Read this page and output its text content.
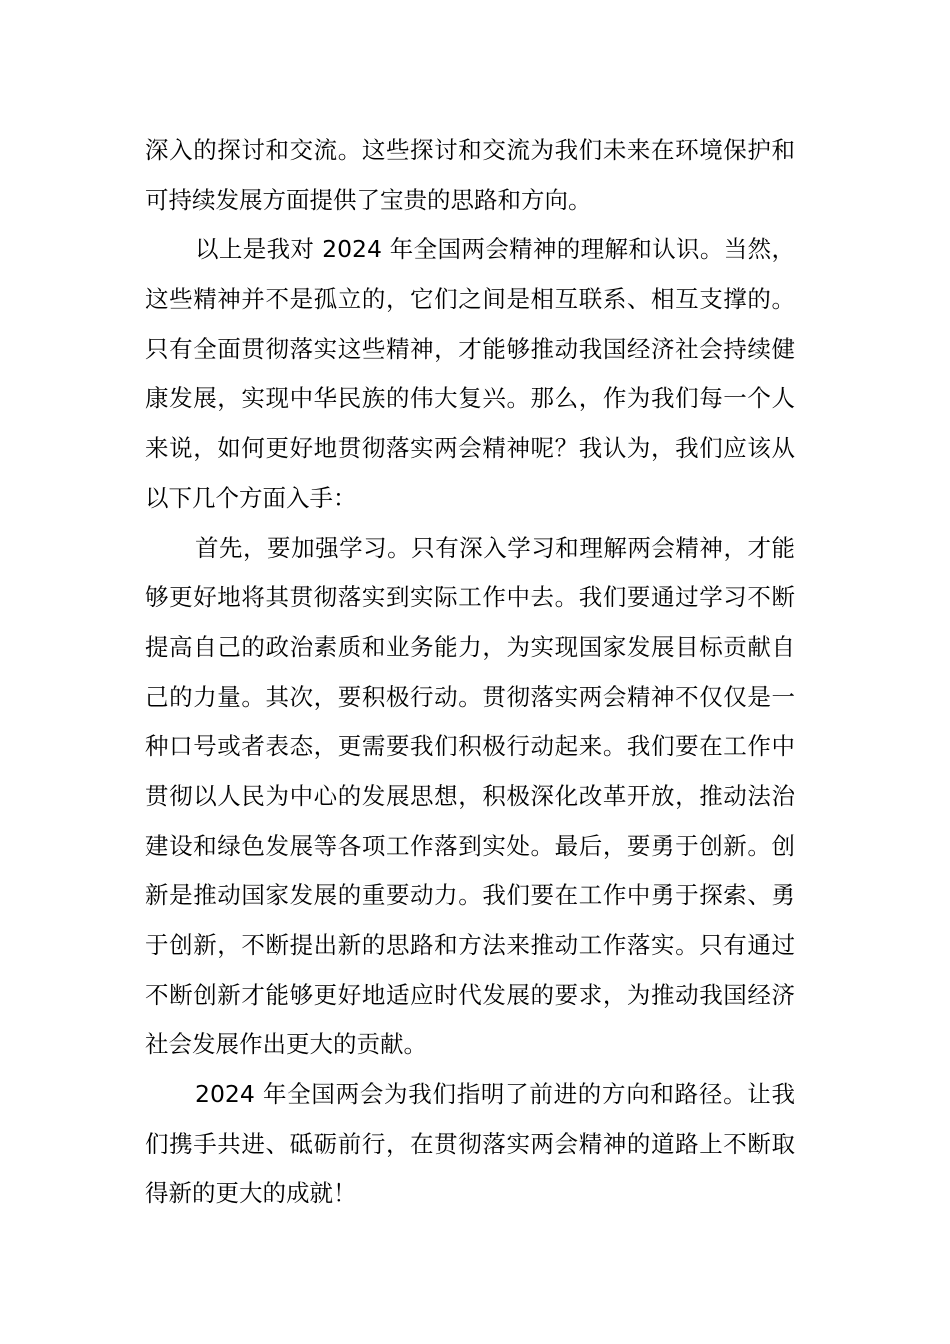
深入的探讨和交流。这些探讨和交流为我们未来在环境保护和
可持续发展方面提供了宝贵的思路和方向。
以上是我对 2024 年全国两会精神的理解和认识。当然，
这些精神并不是孤立的，它们之间是相互联系、相互支撑的。
只有全面贯彻落实这些精神，才能够推动我国经济社会持续健
康发展，实现中华民族的伟大复兴。那么，作为我们每一个人
来说，如何更好地贯彻落实两会精神呢？我认为，我们应该从
以下几个方面入手：
首先，要加强学习。只有深入学习和理解两会精神，才能
够更好地将其贯彻落实到实际工作中去。我们要通过学习不断
提高自己的政治素质和业务能力，为实现国家发展目标贡献自
己的力量。其次，要积极行动。贯彻落实两会精神不仅仅是一
种口号或者表态，更需要我们积极行动起来。我们要在工作中
贯彻以人民为中心的发展思想，积极深化改革开放，推动法治
建设和绿色发展等各项工作落到实处。最后，要勇于创新。创
新是推动国家发展的重要动力。我们要在工作中勇于探索、勇
于创新，不断提出新的思路和方法来推动工作落实。只有通过
不断创新才能够更好地适应时代发展的要求，为推动我国经济
社会发展作出更大的贡献。
2024 年全国两会为我们指明了前进的方向和路径。让我
们携手共进、砥砺前行，在贯彻落实两会精神的道路上不断取
得新的更大的成就！
